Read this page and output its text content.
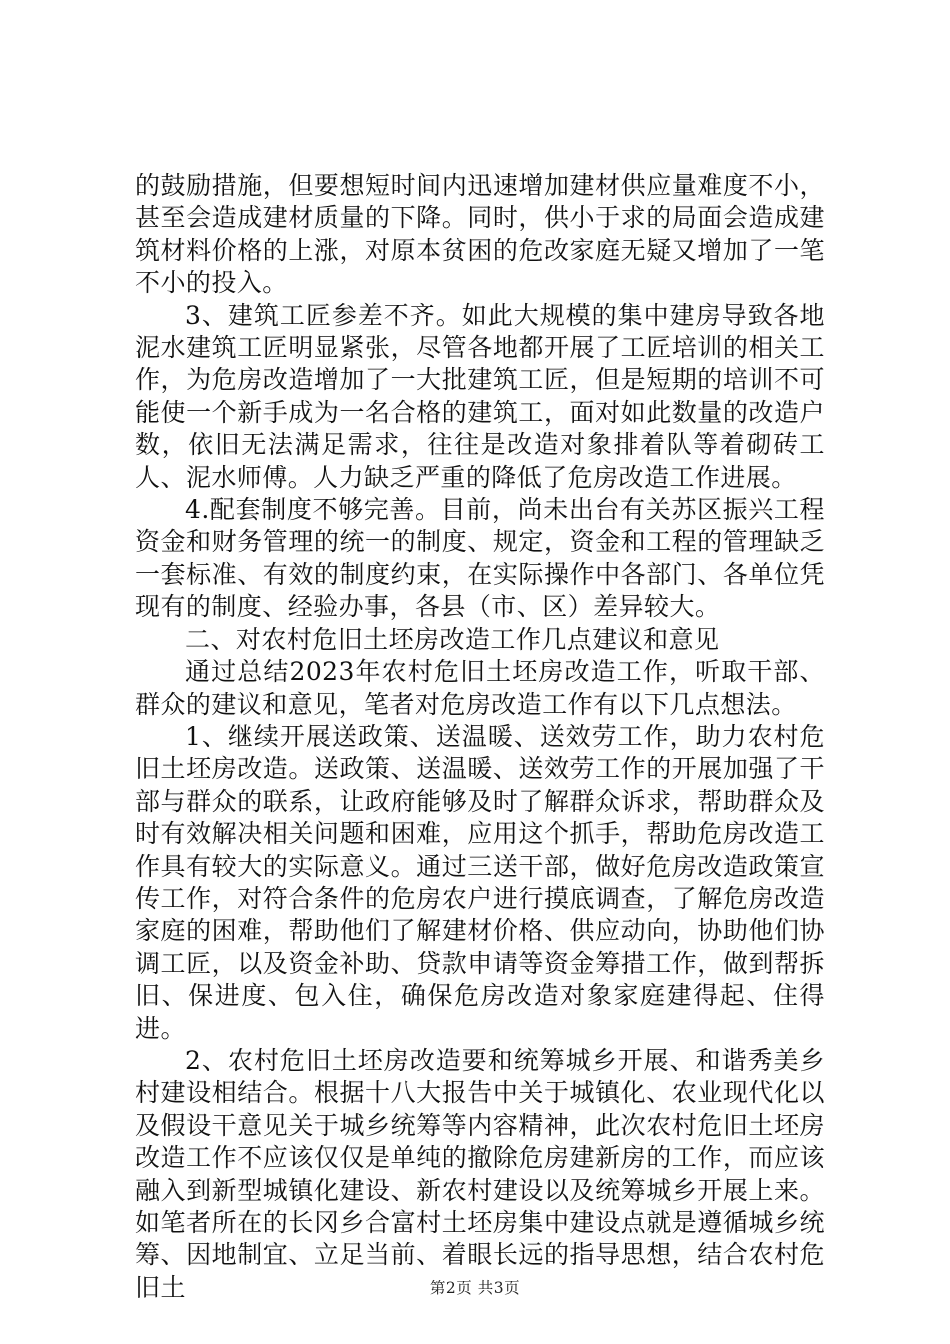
的鼓励措施，但要想短时间内迅速增加建材供应量难度不小，甚至会造成建材质量的下降。同时，供小于求的局面会造成建筑材料价格的上涨，对原本贫困的危改家庭无疑又增加了一笔不小的投入。

3、建筑工匠参差不齐。如此大规模的集中建房导致各地泥水建筑工匠明显紧张，尽管各地都开展了工匠培训的相关工作，为危房改造增加了一大批建筑工匠，但是短期的培训不可能使一个新手成为一名合格的建筑工，面对如此数量的改造户数，依旧无法满足需求，往往是改造对象排着队等着砌砖工人、泥水师傅。人力缺乏严重的降低了危房改造工作进展。

4.配套制度不够完善。目前，尚未出台有关苏区振兴工程资金和财务管理的统一的制度、规定，资金和工程的管理缺乏一套标准、有效的制度约束，在实际操作中各部门、各单位凭现有的制度、经验办事，各县（市、区）差异较大。

二、对农村危旧土坯房改造工作几点建议和意见

通过总结2023年农村危旧土坯房改造工作，听取干部、群众的建议和意见，笔者对危房改造工作有以下几点想法。

1、继续开展送政策、送温暖、送效劳工作，助力农村危旧土坯房改造。送政策、送温暖、送效劳工作的开展加强了干部与群众的联系，让政府能够及时了解群众诉求，帮助群众及时有效解决相关问题和困难，应用这个抓手，帮助危房改造工作具有较大的实际意义。通过三送干部，做好危房改造政策宣传工作，对符合条件的危房农户进行摸底调查，了解危房改造家庭的困难，帮助他们了解建材价格、供应动向，协助他们协调工匠，以及资金补助、贷款申请等资金筹措工作，做到帮拆旧、保进度、包入住，确保危房改造对象家庭建得起、住得进。

2、农村危旧土坯房改造要和统筹城乡开展、和谐秀美乡村建设相结合。根据十八大报告中关于城镇化、农业现代化以及假设干意见关于城乡统筹等内容精神，此次农村危旧土坯房改造工作不应该仅仅是单纯的撤除危房建新房的工作，而应该融入到新型城镇化建设、新农村建设以及统筹城乡开展上来。如笔者所在的长冈乡合富村土坯房集中建设点就是遵循城乡统筹、因地制宜、立足当前、着眼长远的指导思想，结合农村危旧土	第2页 共3页
